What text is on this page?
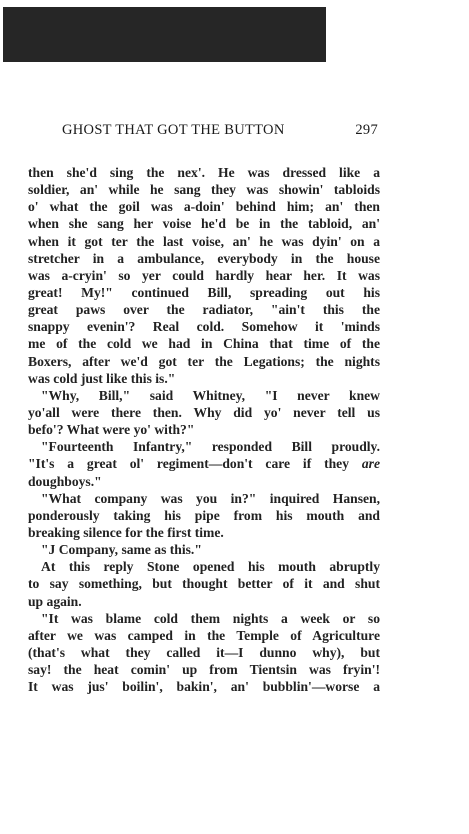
GHOST THAT GOT THE BUTTON	297
then she'd sing the nex'. He was dressed like a
soldier, an' while he sang they was showin' tabloids
o' what the goil was a-doin' behind him; an' then
when she sang her voise he'd be in the tabloid, an'
when it got ter the last voise, an' he was dyin' on a
stretcher in a ambulance, everybody in the house
was a-cryin' so yer could hardly hear her. It was
great! My!" continued Bill, spreading out his
great paws over the radiator, "ain't this the
snappy evenin'? Real cold. Somehow it 'minds
me of the cold we had in China that time of the
Boxers, after we'd got ter the Legations; the nights
was cold just like this is."
"Why, Bill," said Whitney, "I never knew
yo'all were there then. Why did yo' never tell us
befo'? What were yo' with?"
"Fourteenth Infantry," responded Bill proudly.
"It's a great ol' regiment—don't care if they are
doughboys."
"What company was you in?" inquired Hansen,
ponderously taking his pipe from his mouth and
breaking silence for the first time.
"J Company, same as this."
At this reply Stone opened his mouth abruptly
to say something, but thought better of it and shut
up again.
"It was blame cold them nights a week or so
after we was camped in the Temple of Agriculture
(that's what they called it—I dunno why), but
say! the heat comin' up from Tientsin was fryin'!
It was jus' boilin', bakin', an' bubblin'—worse a
